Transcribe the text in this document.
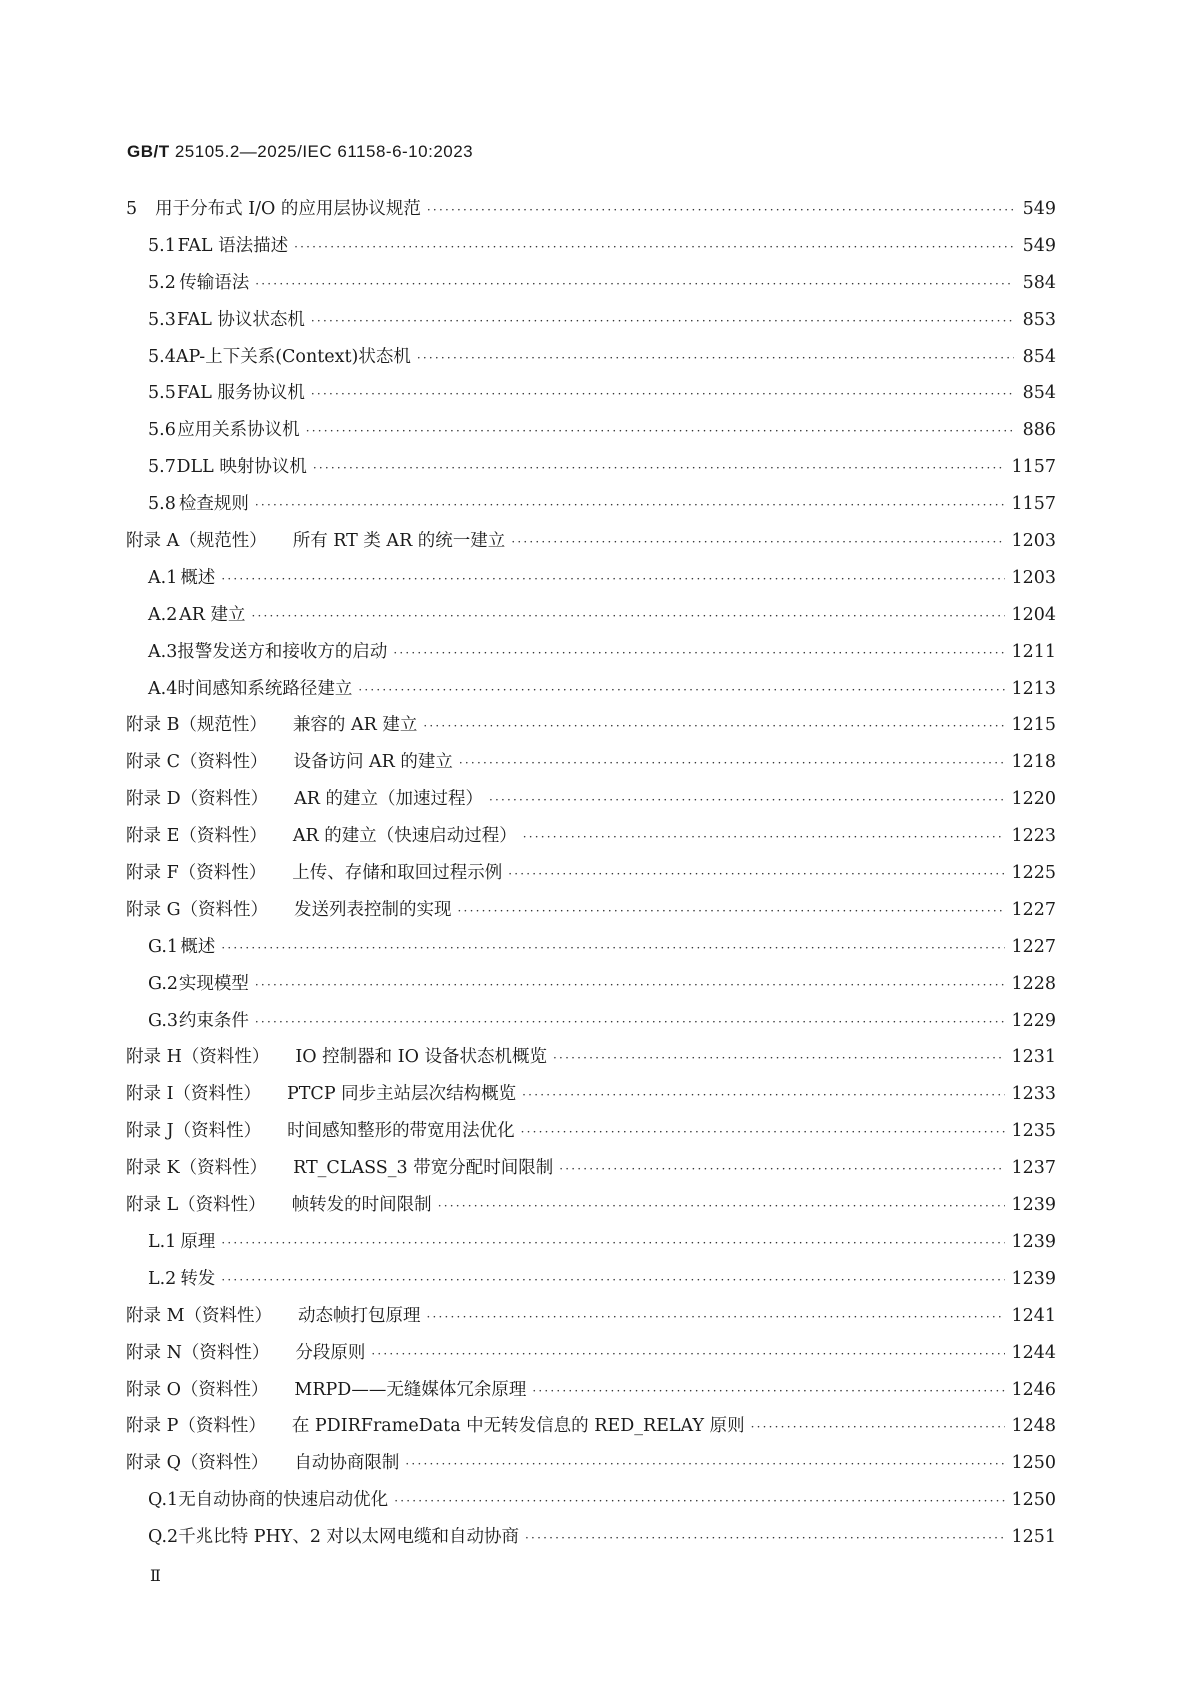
GB/T 25105.2—2025/IEC 61158-6-10:2023
5 用于分布式 I/O 的应用层协议规范 ·····	549
5.1 FAL 语法描述 ·····	549
5.2 传输语法 ·····	584
5.3 FAL 协议状态机 ·····	853
5.4 AP-上下关系(Context)状态机 ·····	854
5.5 FAL 服务协议机 ·····	854
5.6 应用关系协议机 ·····	886
5.7 DLL 映射协议机 ·····	1157
5.8 检查规则 ·····	1157
附录 A（规范性） 所有 RT 类 AR 的统一建立 ·····	1203
A.1 概述 ·····	1203
A.2 AR 建立 ·····	1204
A.3 报警发送方和接收方的启动 ·····	1211
A.4 时间感知系统路径建立 ·····	1213
附录 B（规范性） 兼容的 AR 建立 ·····	1215
附录 C（资料性） 设备访问 AR 的建立 ·····	1218
附录 D（资料性） AR 的建立（加速过程） ·····	1220
附录 E（资料性） AR 的建立（快速启动过程） ·····	1223
附录 F（资料性） 上传、存储和取回过程示例 ·····	1225
附录 G（资料性） 发送列表控制的实现 ·····	1227
G.1 概述 ·····	1227
G.2 实现模型 ·····	1228
G.3 约束条件 ·····	1229
附录 H（资料性） IO 控制器和 IO 设备状态机概览 ·····	1231
附录 I（资料性） PTCP 同步主站层次结构概览 ·····	1233
附录 J（资料性） 时间感知整形的带宽用法优化 ·····	1235
附录 K（资料性） RT_CLASS_3 带宽分配时间限制 ·····	1237
附录 L（资料性） 帧转发的时间限制 ·····	1239
L.1 原理 ·····	1239
L.2 转发 ·····	1239
附录 M（资料性） 动态帧打包原理 ·····	1241
附录 N（资料性） 分段原则 ·····	1244
附录 O（资料性） MRPD——无缝媒体冗余原理 ·····	1246
附录 P（资料性） 在 PDIRFrameData 中无转发信息的 RED_RELAY 原则 ·····	1248
附录 Q（资料性） 自动协商限制 ·····	1250
Q.1 无自动协商的快速启动优化 ·····	1250
Q.2 千兆比特 PHY、2 对以太网电缆和自动协商 ·····	1251
Ⅱ
